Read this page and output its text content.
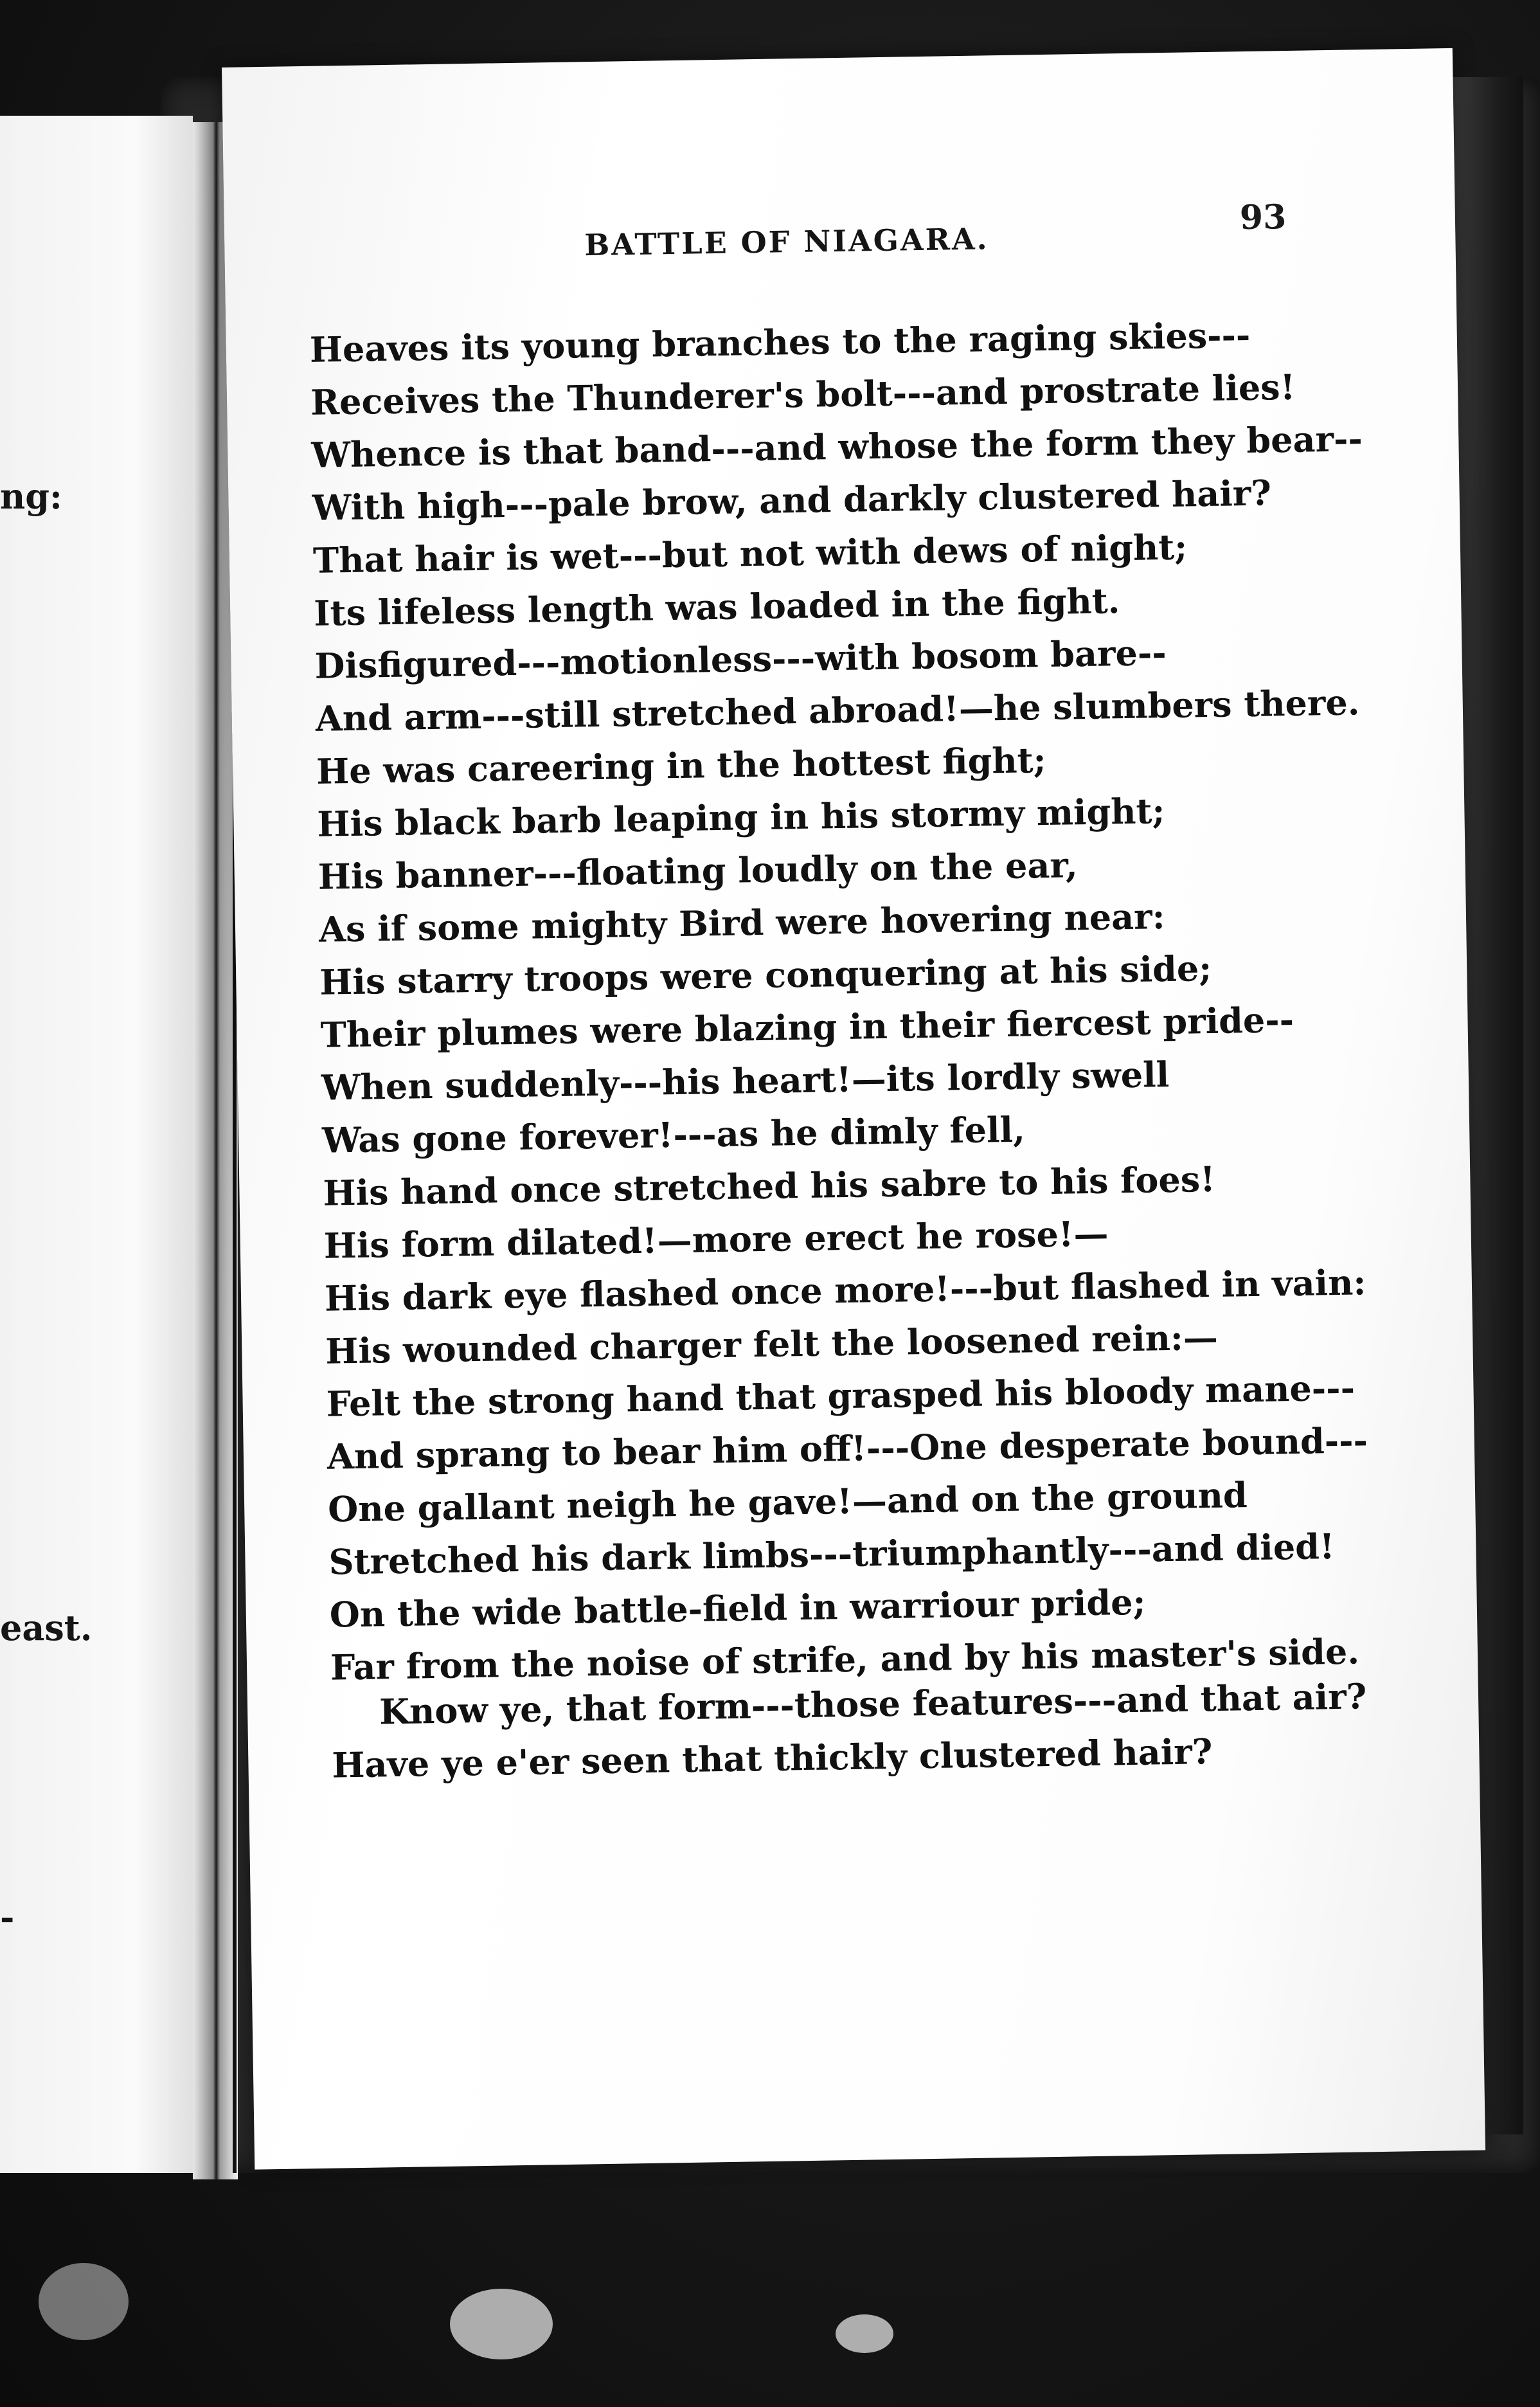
ng:
east.
-
BATTLE OF NIAGARA.
93
Heaves its young branches to the raging skies---
Receives the Thunderer's bolt---and prostrate lies!
Whence is that band---and whose the form they bear--
With high---pale brow, and darkly clustered hair?
That hair is wet---but not with dews of night;
Its lifeless length was loaded in the fight.
Disfigured---motionless---with bosom bare--
And arm---still stretched abroad!—he slumbers there.
He was careering in the hottest fight;
His black barb leaping in his stormy might;
His banner---floating loudly on the ear,
As if some mighty Bird were hovering near:
His starry troops were conquering at his side;
Their plumes were blazing in their fiercest pride--
When suddenly---his heart!—its lordly swell
Was gone forever!---as he dimly fell,
His hand once stretched his sabre to his foes!
His form dilated!—more erect he rose!—
His dark eye flashed once more!---but flashed in vain:
His wounded charger felt the loosened rein:—
Felt the strong hand that grasped his bloody mane---
And sprang to bear him off!---One desperate bound---
One gallant neigh he gave!—and on the ground
Stretched his dark limbs---triumphantly---and died!
On the wide battle-field in warriour pride;
Far from the noise of strife, and by his master's side.
Know ye, that form---those features---and that air?
Have ye e'er seen that thickly clustered hair?
